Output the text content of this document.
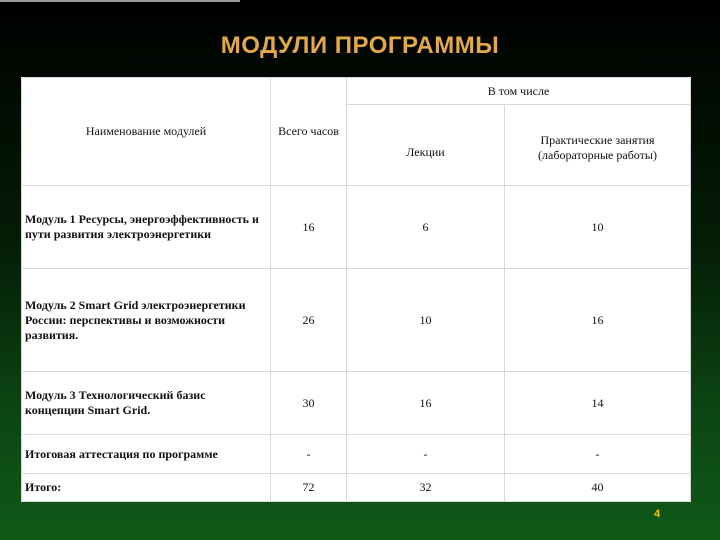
МОДУЛИ ПРОГРАММЫ
Наименование модулей	Всего часов	В том числе	
		Лекции	Практические занятия (лабораторные работы)
Модуль 1 Ресурсы, энергоэффективность и пути развития электроэнергетики	16	6	10
Модуль 2 Smart Grid электроэнергетики России: перспективы и возможности развития.	26	10	16
Модуль 3 Технологический базис концепции Smart Grid.	30	16	14
Итоговая аттестация по программе	-	-	-
Итого:	72	32	40
4
